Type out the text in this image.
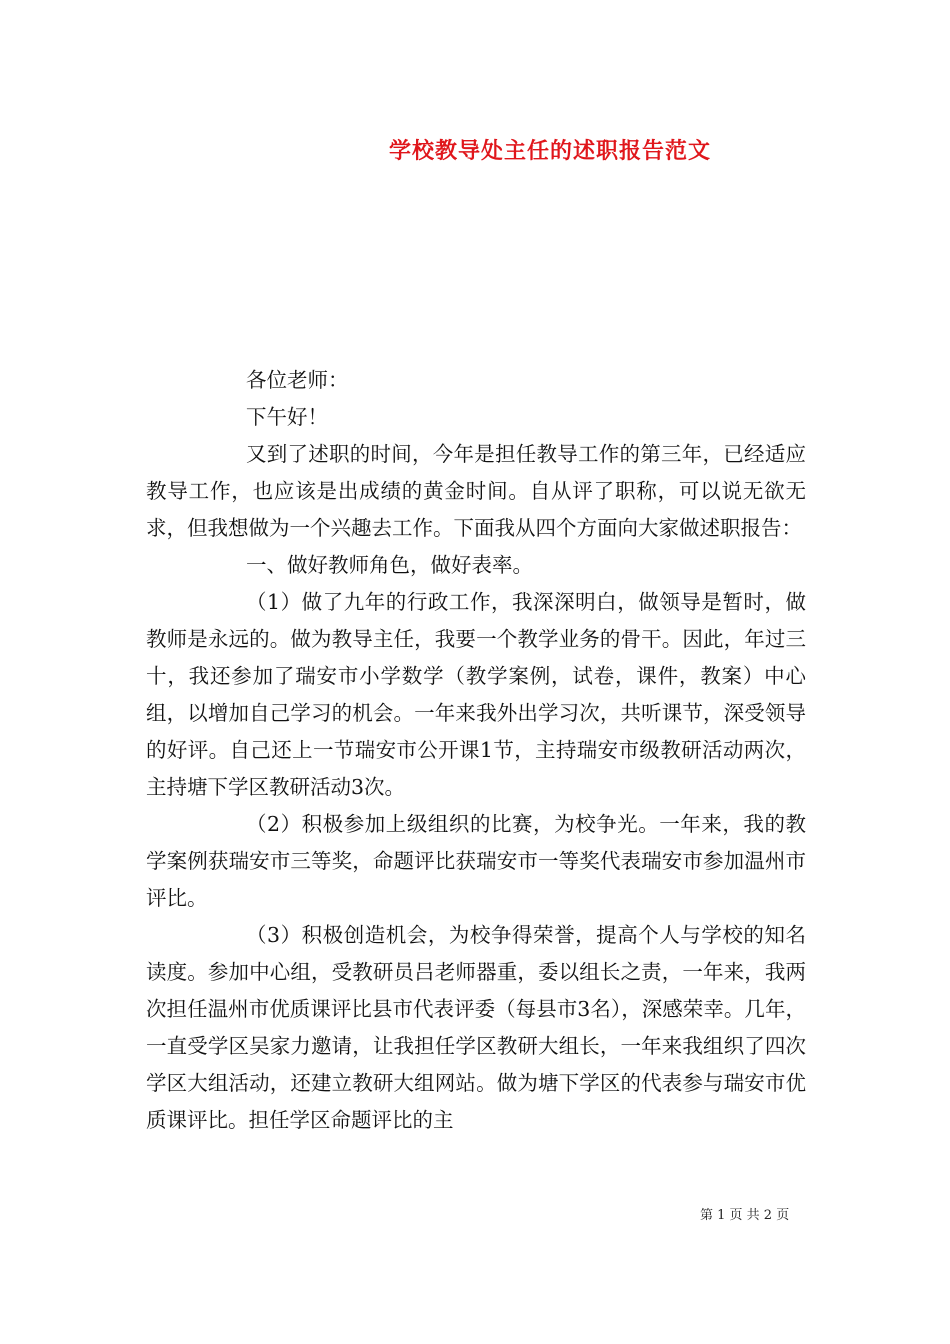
学校教导处主任的述职报告范文

各位老师：

下午好！

又到了述职的时间，今年是担任教导工作的第三年，已经适应教导工作，也应该是出成绩的黄金时间。自从评了职称，可以说无欲无求，但我想做为一个兴趣去工作。下面我从四个方面向大家做述职报告：

一、做好教师角色，做好表率。

（1）做了九年的行政工作，我深深明白，做领导是暂时，做教师是永远的。做为教导主任，我要一个教学业务的骨干。因此，年过三十，我还参加了瑞安市小学数学（教学案例，试卷，课件，教案）中心组，以增加自己学习的机会。一年来我外出学习次，共听课节，深受领导的好评。自己还上一节瑞安市公开课1节，主持瑞安市级教研活动两次，主持塘下学区教研活动3次。

（2）积极参加上级组织的比赛，为校争光。一年来，我的教学案例获瑞安市三等奖，命题评比获瑞安市一等奖代表瑞安市参加温州市评比。

（3）积极创造机会，为校争得荣誉，提高个人与学校的知名读度。参加中心组，受教研员吕老师器重，委以组长之责，一年来，我两次担任温州市优质课评比县市代表评委（每县市3名），深感荣幸。几年，一直受学区吴家力邀请，让我担任学区教研大组长，一年来我组织了四次学区大组活动，还建立教研大组网站。做为塘下学区的代表参与瑞安市优质课评比。担任学区命题评比的主

第 1 页 共 2 页
